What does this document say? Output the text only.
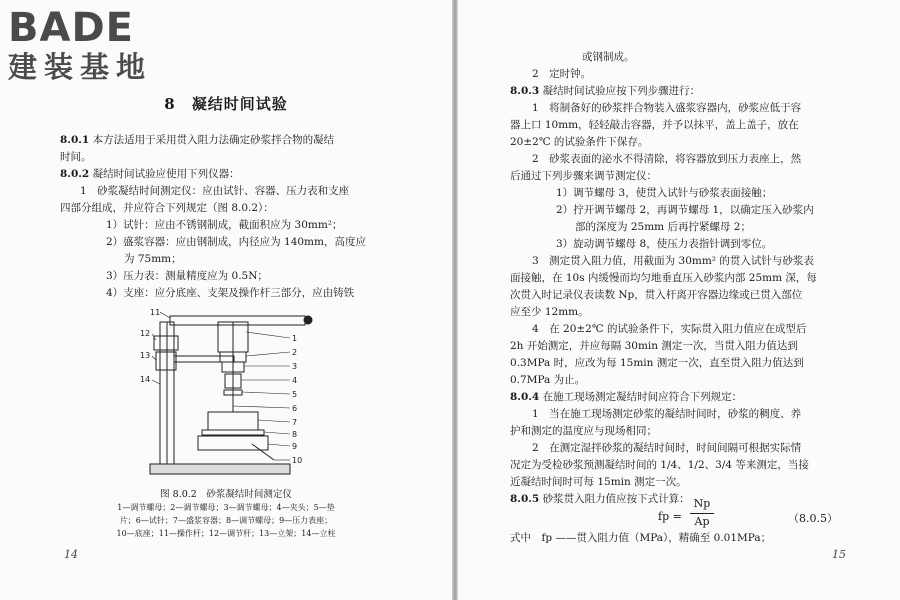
BADE
建装基地
8　凝结时间试验
8.0.1 本方法适用于采用贯入阻力法确定砂浆拌合物的凝结
时间。
8.0.2 凝结时间试验应使用下列仪器：
1　砂浆凝结时间测定仪：应由试针、容器、压力表和支座
四部分组成，并应符合下列规定（图 8.0.2）：
1）试针：应由不锈钢制成，截面积应为 30mm²；
2）盛浆容器：应由钢制成，内径应为 140mm，高度应
为 75mm；
3）压力表：测量精度应为 0.5N；
4）支座：应分底座、支架及操作杆三部分，应由铸铁
1
2
3
4
5
6
7
8
9
10
11
12
13
14
图 8.0.2　砂浆凝结时间测定仪
1—调节螺母；2—调节螺母；3—调节螺母；4—夹头；5—垫
片；6—试针；7—盛浆容器；8—调节螺母；9—压力表座；
10—底座；11—操作杆；12—调节杆；13—立架；14—立柱
14
或钢制成。
2　定时钟。
8.0.3 凝结时间试验应按下列步骤进行：
1　将制备好的砂浆拌合物装入盛浆容器内，砂浆应低于容
器上口 10mm，轻轻敲击容器，并予以抹平，盖上盖子，放在
20±2℃ 的试验条件下保存。
2　砂浆表面的泌水不得清除，将容器放到压力表座上，然
后通过下列步骤来调节测定仪：
1）调节螺母 3，使贯入试针与砂浆表面接触；
2）拧开调节螺母 2，再调节螺母 1，以确定压入砂浆内
部的深度为 25mm 后再拧紧螺母 2；
3）旋动调节螺母 8，使压力表指针调到零位。
3　测定贯入阻力值，用截面为 30mm² 的贯入试针与砂浆表
面接触，在 10s 内缓慢而均匀地垂直压入砂浆内部 25mm 深，每
次贯入时记录仪表读数 Np，贯入杆离开容器边缘或已贯入部位
应至少 12mm。
4　在 20±2℃ 的试验条件下，实际贯入阻力值应在成型后
2h 开始测定，并应每隔 30min 测定一次，当贯入阻力值达到
0.3MPa 时，应改为每 15min 测定一次，直至贯入阻力值达到
0.7MPa 为止。
8.0.4 在施工现场测定凝结时间应符合下列规定：
1　当在施工现场测定砂浆的凝结时间时，砂浆的稠度、养
护和测定的温度应与现场相同；
2　在测定湿拌砂浆的凝结时间时，时间间隔可根据实际情
况定为受检砂浆预测凝结时间的 1/4、1/2、3/4 等来测定，当接
近凝结时间时可每 15min 测定一次。
8.0.5 砂浆贯入阻力值应按下式计算：
fp =
Np
Ap	（8.0.5）
式中　fp ——贯入阻力值（MPa），精确至 0.01MPa；
15
